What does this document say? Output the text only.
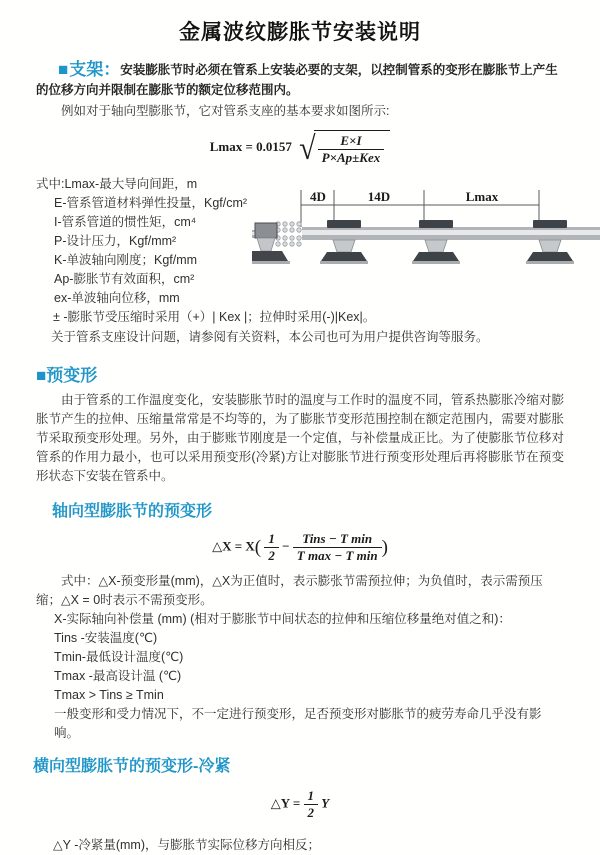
金属波纹膨胀节安装说明

■支架：安装膨胀节时必须在管系上安装必要的支架，以控制管系的变形在膨胀节上产生的位移方向并限制在膨胀节的额定位移范围内。

例如对于轴向型膨胀节，它对管系支座的基本要求如图所示:

Lmax = 0.0157 √ $\frac{E\times I}{\text{P×Ap±Kex}}$
式中:Lmax-最大导向间距，m
E-管系管道材料弹性投量，Kgf/cm²
I-管系管道的惯性矩，cm⁴
P-设计压力，Kgf/mm²
K-单波轴向刚度；Kgf/mm
Ap-膨胀节有效面积，cm²
ex-单波轴向位移，mm
4D	14D	Lmax

± -膨胀节受压缩时采用（+）| Kex |；拉伸时采用(-)|Kex|。

关于管系支座设计问题，请参阅有关资料，本公司也可为用户提供咨询等服务。

■预变形

由于管系的工作温度变化，安装膨胀节时的温度与工作时的温度不同，管系热膨胀冷缩对膨胀节产生的拉伸、压缩量常常是不均等的，为了膨胀节变形范围控制在额定范围内，需要对膨胀节采取预变形处理。另外，由于膨账节刚度是一个定值，与补偿量成正比。为了使膨胀节位移对管系的作用力最小，也可以采用预变形(冷紧)方让对膨胀节进行预变形处理后再将膨胀节在预变形状态下安装在管系中。

轴向型膨胀节的预变形

△X = $X( \frac{1}{2} - \frac{\text{Tins − T min}}{\text{T max − T min}}$ )

式中：△X-预变形量(mm)，△X为正值时，表示膨张节需预拉伸；为负值时，表示需预压缩；△X = 0时表示不需预变形。

X-实际轴向补偿量 (mm) (相对于膨胀节中间状态的拉伸和压缩位移量绝对值之和)：

Tins -安装温度(℃)

Tmin-最低设计温度(℃)

Tmax -最高设计温 (℃)

Tmax > Tins ≥ Tmin

一般变形和受力情况下，不一定进行预变形，足否预变形对膨胀节的疲劳寿命几乎没有影响。

横向型膨胀节的预变形-冷紧

△Y = $\frac{1}{2}$ Y

△Y -冷紧量(mm)，与膨胀节实际位移方向相反；
